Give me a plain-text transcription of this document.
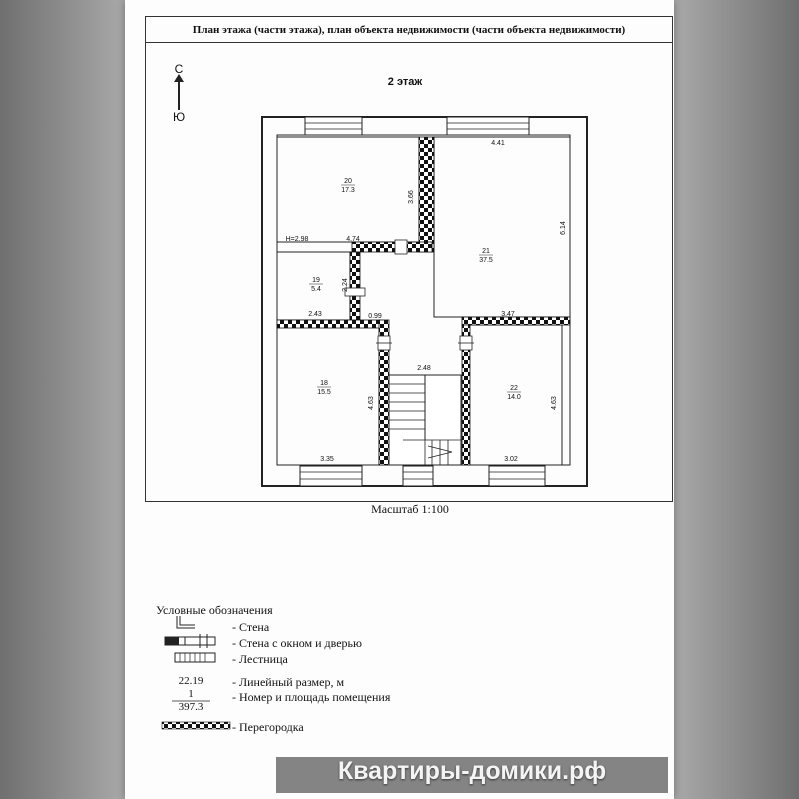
План этажа (части этажа), план объекта недвижимости (части объекта недвижимости)
С
Ю
2 этаж
20
17.3
21
37.5
19
5.4
18
15.5
22
14.0
4.41
3.66
6.14
H=2.98	4.74
2.24
2.43	0.99	3.47
2.48
4.63	4.63
3.35	3.02
Масштаб 1:100
Условные обозначения
- Стена
- Стена с окном и дверью
- Лестница
- Линейный размер, м
- Номер и площадь помещения
- Перегородка
22.19
1
397.3
Квартиры-домики.рф
